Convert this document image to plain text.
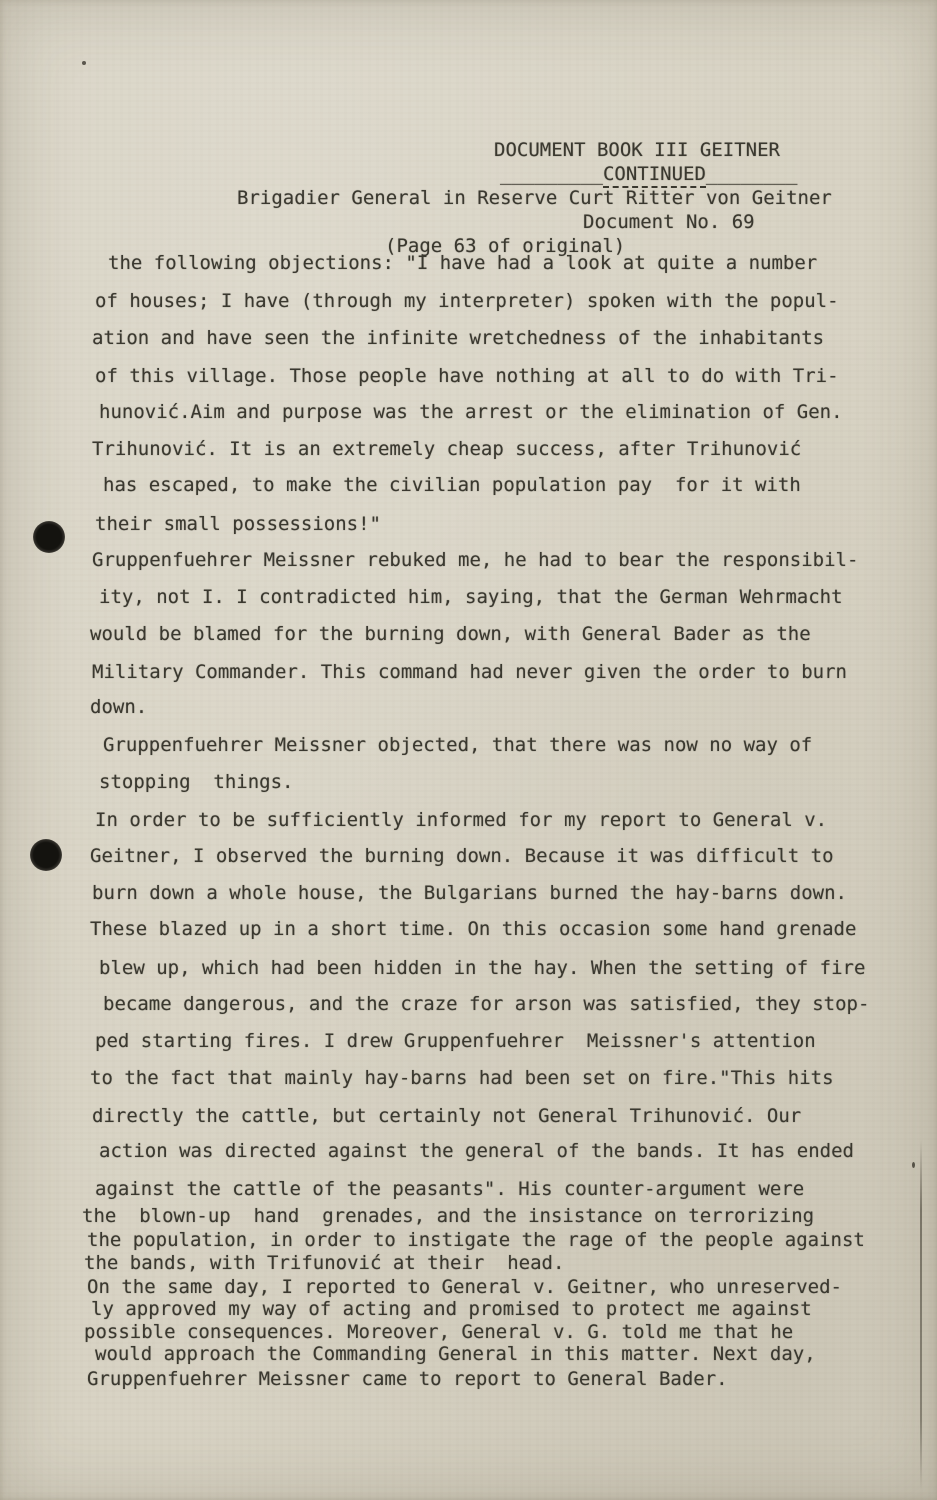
DOCUMENT BOOK III GEITNER
_________CONTINUED________
Brigadier General in Reserve Curt Ritter von Geitner
Document No. 69
(Page 63 of original)
the following objections: "I have had a look at quite a number
of houses; I have (through my interpreter) spoken with the popul-
ation and have seen the infinite wretchedness of the inhabitants
of this village. Those people have nothing at all to do with Tri-
hunović.Aim and purpose was the arrest or the elimination of Gen.
Trihunović. It is an extremely cheap success, after Trihunović
has escaped, to make the civilian population pay  for it with
their small possessions!"
Gruppenfuehrer Meissner rebuked me, he had to bear the responsibil-
ity, not I. I contradicted him, saying, that the German Wehrmacht
would be blamed for the burning down, with General Bader as the
Military Commander. This command had never given the order to burn
down.
Gruppenfuehrer Meissner objected, that there was now no way of
stopping  things.
In order to be sufficiently informed for my report to General v.
Geitner, I observed the burning down. Because it was difficult to
burn down a whole house, the Bulgarians burned the hay-barns down.
These blazed up in a short time. On this occasion some hand grenade
blew up, which had been hidden in the hay. When the setting of fire
became dangerous, and the craze for arson was satisfied, they stop-
ped starting fires. I drew Gruppenfuehrer  Meissner's attention
to the fact that mainly hay-barns had been set on fire."This hits
directly the cattle, but certainly not General Trihunović. Our
action was directed against the general of the bands. It has ended
against the cattle of the peasants". His counter-argument were
the  blown-up  hand  grenades, and the insistance on terrorizing
the population, in order to instigate the rage of the people against
the bands, with Trifunović at their  head.
On the same day, I reported to General v. Geitner, who unreserved-
ly approved my way of acting and promised to protect me against
possible consequences. Moreover, General v. G. told me that he
would approach the Commanding General in this matter. Next day,
Gruppenfuehrer Meissner came to report to General Bader.
